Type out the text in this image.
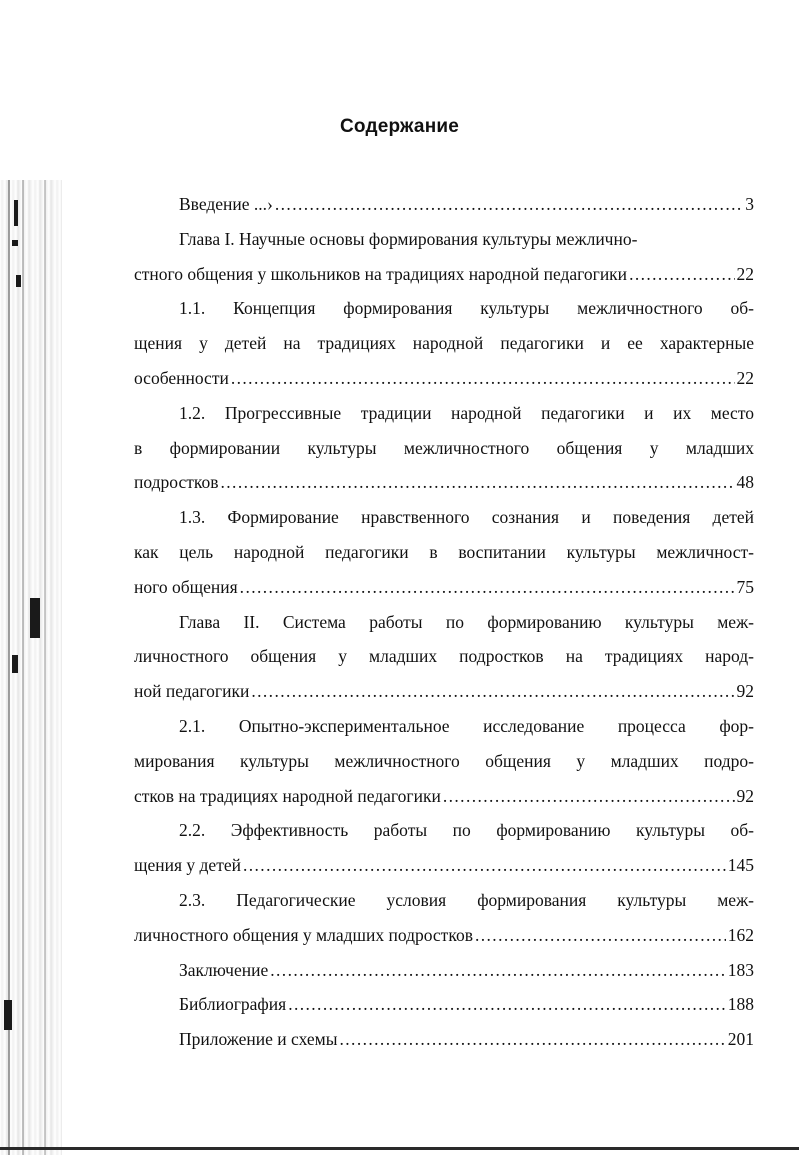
Содержание
Введение ...› .....	3
Глава I. Научные основы формирования культуры межлично-
стного общения у школьников на традициях народной педагогики .....	22
1.1. Концепция формирования культуры межличностного об-
щения у детей на традициях народной педагогики и ее характерные
особенности .....	22
1.2. Прогрессивные традиции народной педагогики и их место
в формировании культуры межличностного общения у младших
подростков .....	48
1.3. Формирование нравственного сознания и поведения детей
как цель народной педагогики в воспитании культуры межличност-
ного общения .....	75
Глава II. Система работы по формированию культуры меж-
личностного общения у младших подростков на традициях народ-
ной педагогики .....	92
2.1. Опытно-экспериментальное исследование процесса фор-
мирования культуры межличностного общения у младших подро-
стков на традициях народной педагогики .....	92
2.2. Эффективность работы по формированию культуры об-
щения у детей .....	145
2.3. Педагогические условия формирования культуры меж-
личностного общения у младших подростков .....	162
Заключение .....	183
Библиография .....	188
Приложение и схемы .....	201
